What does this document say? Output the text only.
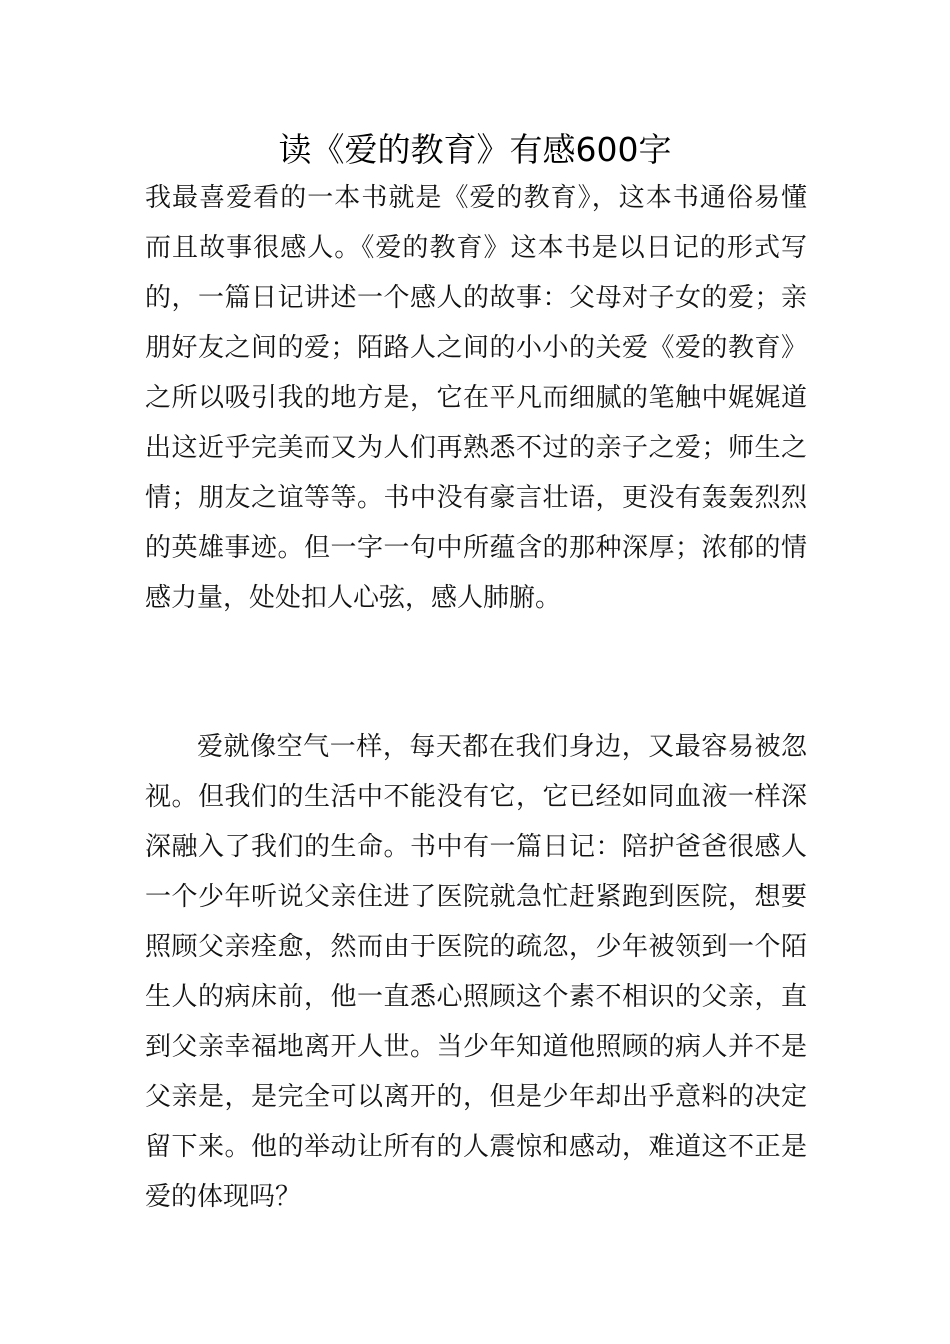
读《爱的教育》有感600字

我最喜爱看的一本书就是《爱的教育》，这本书通俗易懂而且故事很感人。《爱的教育》这本书是以日记的形式写的，一篇日记讲述一个感人的故事：父母对子女的爱；亲朋好友之间的爱；陌路人之间的小小的关爱《爱的教育》之所以吸引我的地方是，它在平凡而细腻的笔触中娓娓道出这近乎完美而又为人们再熟悉不过的亲子之爱；师生之情；朋友之谊等等。书中没有豪言壮语，更没有轰轰烈烈的英雄事迹。但一字一句中所蕴含的那种深厚；浓郁的情感力量，处处扣人心弦，感人肺腑。

爱就像空气一样，每天都在我们身边，又最容易被忽视。但我们的生活中不能没有它，它已经如同血液一样深深融入了我们的生命。书中有一篇日记：陪护爸爸很感人一个少年听说父亲住进了医院就急忙赶紧跑到医院，想要照顾父亲痊愈，然而由于医院的疏忽，少年被领到一个陌生人的病床前，他一直悉心照顾这个素不相识的父亲，直到父亲幸福地离开人世。当少年知道他照顾的病人并不是父亲是，是完全可以离开的，但是少年却出乎意料的决定留下来。他的举动让所有的人震惊和感动，难道这不正是爱的体现吗？
